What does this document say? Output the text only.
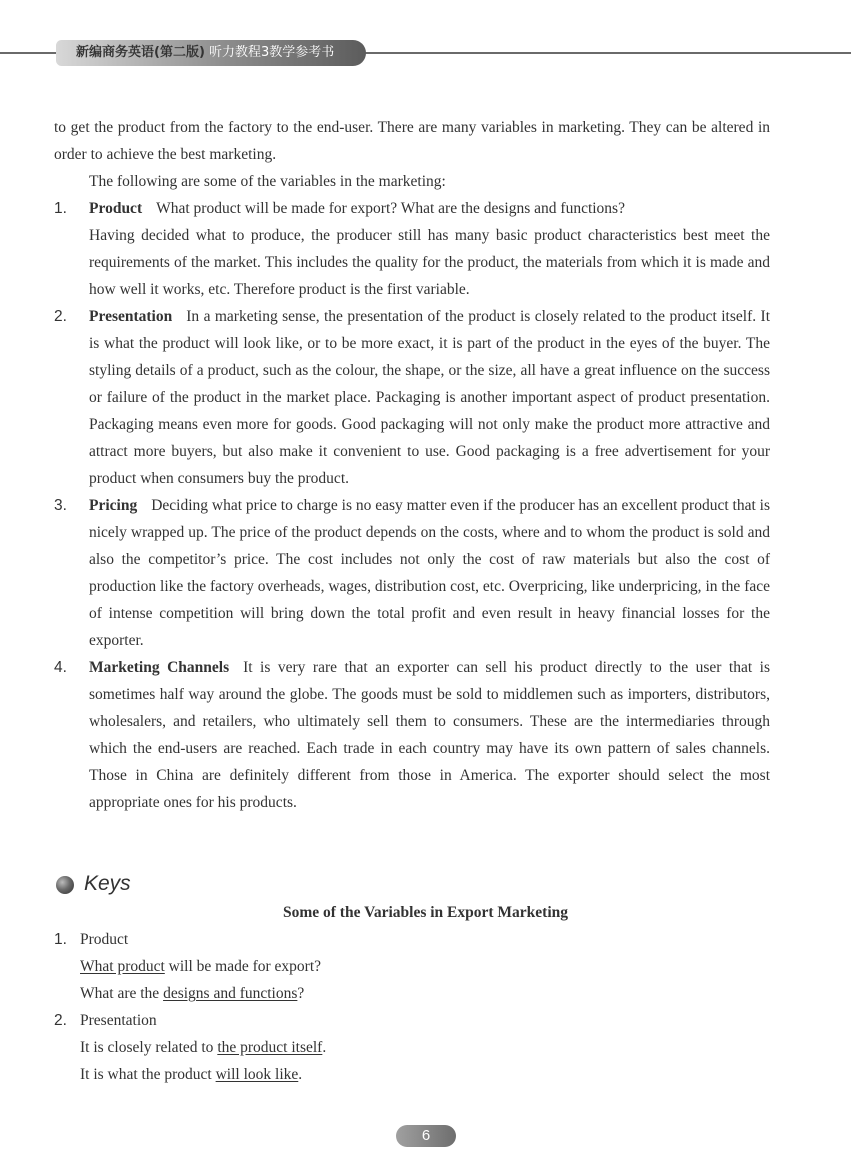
新编商务英语(第二版) 听力教程3教学参考书

to get the product from the factory to the end-user. There are many variables in marketing. They can be altered in order to achieve the best marketing.

The following are some of the variables in the marketing:

1. Product What product will be made for export? What are the designs and functions?

Having decided what to produce, the producer still has many basic product characteristics best meet the requirements of the market. This includes the quality for the product, the materials from which it is made and how well it works, etc. Therefore product is the first variable.

2. Presentation In a marketing sense, the presentation of the product is closely related to the product itself. It is what the product will look like, or to be more exact, it is part of the product in the eyes of the buyer. The styling details of a product, such as the colour, the shape, or the size, all have a great influence on the success or failure of the product in the market place. Packaging is another important aspect of product presentation. Packaging means even more for goods. Good packaging will not only make the product more attractive and attract more buyers, but also make it convenient to use. Good packaging is a free advertisement for your product when consumers buy the product.

3. Pricing Deciding what price to charge is no easy matter even if the producer has an excellent product that is nicely wrapped up. The price of the product depends on the costs, where and to whom the product is sold and also the competitor’s price. The cost includes not only the cost of raw materials but also the cost of production like the factory overheads, wages, distribution cost, etc. Overpricing, like underpricing, in the face of intense competition will bring down the total profit and even result in heavy financial losses for the exporter.

4. Marketing Channels It is very rare that an exporter can sell his product directly to the user that is sometimes half way around the globe. The goods must be sold to middlemen such as importers, distributors, wholesalers, and retailers, who ultimately sell them to consumers. These are the intermediaries through which the end-users are reached. Each trade in each country may have its own pattern of sales channels. Those in China are definitely different from those in America. The exporter should select the most appropriate ones for his products.

Keys
Some of the Variables in Export Marketing
1. Product
What product will be made for export?
What are the designs and functions?
2. Presentation
It is closely related to the product itself.
It is what the product will look like.
6
